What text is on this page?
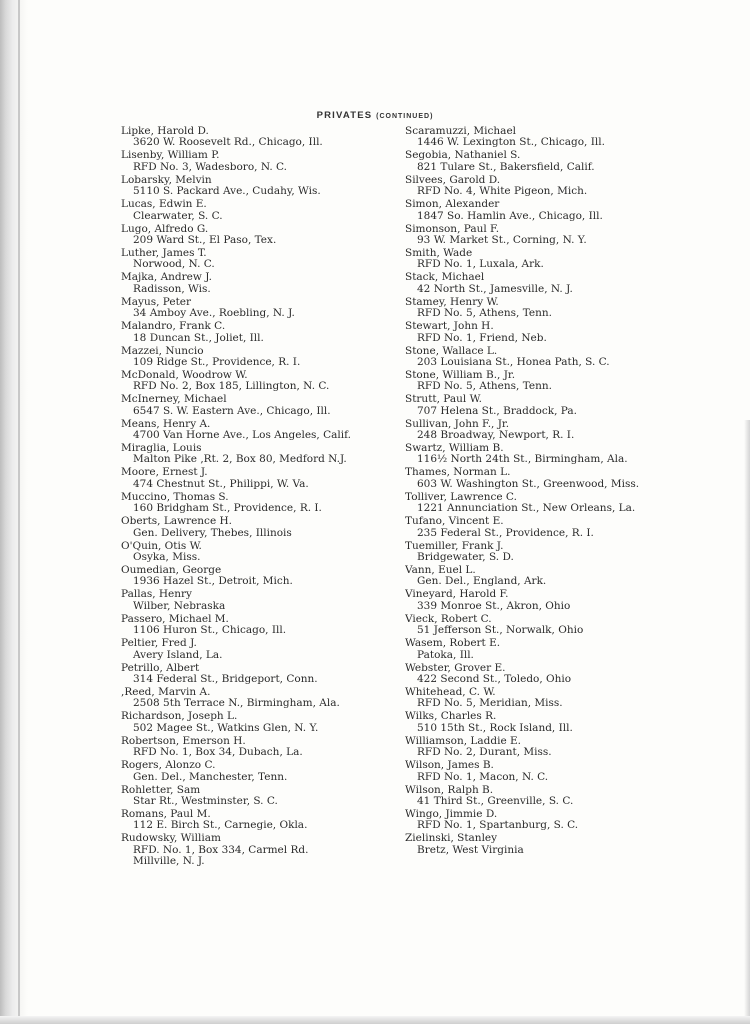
PRIVATES (CONTINUED)
Lipke, Harold D.
3620 W. Roosevelt Rd., Chicago, Ill.
Lisenby, William P.
RFD No. 3, Wadesboro, N. C.
Lobarsky, Melvin
5110 S. Packard Ave., Cudahy, Wis.
Lucas, Edwin E.
Clearwater, S. C.
Lugo, Alfredo G.
209 Ward St., El Paso, Tex.
Luther, James T.
Norwood, N. C.
Majka, Andrew J.
Radisson, Wis.
Mayus, Peter
34 Amboy Ave., Roebling, N. J.
Malandro, Frank C.
18 Duncan St., Joliet, Ill.
Mazzei, Nuncio
109 Ridge St., Providence, R. I.
McDonald, Woodrow W.
RFD No. 2, Box 185, Lillington, N. C.
McInerney, Michael
6547 S. W. Eastern Ave., Chicago, Ill.
Means, Henry A.
4700 Van Horne Ave., Los Angeles, Calif.
Miraglia, Louis
Malton Pike ,Rt. 2, Box 80, Medford N.J.
Moore, Ernest J.
474 Chestnut St., Philippi, W. Va.
Muccino, Thomas S.
160 Bridgham St., Providence, R. I.
Oberts, Lawrence H.
Gen. Delivery, Thebes, Illinois
O'Quin, Otis W.
Osyka, Miss.
Oumedian, George
1936 Hazel St., Detroit, Mich.
Pallas, Henry
Wilber, Nebraska
Passero, Michael M.
1106 Huron St., Chicago, Ill.
Peltier, Fred J.
Avery Island, La.
Petrillo, Albert
314 Federal St., Bridgeport, Conn.
,Reed, Marvin A.
2508 5th Terrace N., Birmingham, Ala.
Richardson, Joseph L.
502 Magee St., Watkins Glen, N. Y.
Robertson, Emerson H.
RFD No. 1, Box 34, Dubach, La.
Rogers, Alonzo C.
Gen. Del., Manchester, Tenn.
Rohletter, Sam
Star Rt., Westminster, S. C.
Romans, Paul M.
112 E. Birch St., Carnegie, Okla.
Rudowsky, William
RFD. No. 1, Box 334, Carmel Rd.
Millville, N. J.
Scaramuzzi, Michael
1446 W. Lexington St., Chicago, Ill.
Segobia, Nathaniel S.
821 Tulare St., Bakersfield, Calif.
Silvees, Garold D.
RFD No. 4, White Pigeon, Mich.
Simon, Alexander
1847 So. Hamlin Ave., Chicago, Ill.
Simonson, Paul F.
93 W. Market St., Corning, N. Y.
Smith, Wade
RFD No. 1, Luxala, Ark.
Stack, Michael
42 North St., Jamesville, N. J.
Stamey, Henry W.
RFD No. 5, Athens, Tenn.
Stewart, John H.
RFD No. 1, Friend, Neb.
Stone, Wallace L.
203 Louisiana St., Honea Path, S. C.
Stone, William B., Jr.
RFD No. 5, Athens, Tenn.
Strutt, Paul W.
707 Helena St., Braddock, Pa.
Sullivan, John F., Jr.
248 Broadway, Newport, R. I.
Swartz, William B.
116½ North 24th St., Birmingham, Ala.
Thames, Norman L.
603 W. Washington St., Greenwood, Miss.
Tolliver, Lawrence C.
1221 Annunciation St., New Orleans, La.
Tufano, Vincent E.
235 Federal St., Providence, R. I.
Tuemiller, Frank J.
Bridgewater, S. D.
Vann, Euel L.
Gen. Del., England, Ark.
Vineyard, Harold F.
339 Monroe St., Akron, Ohio
Vieck, Robert C.
51 Jefferson St., Norwalk, Ohio
Wasem, Robert E.
Patoka, Ill.
Webster, Grover E.
422 Second St., Toledo, Ohio
Whitehead, C. W.
RFD No. 5, Meridian, Miss.
Wilks, Charles R.
510 15th St., Rock Island, Ill.
Williamson, Laddie E.
RFD No. 2, Durant, Miss.
Wilson, James B.
RFD No. 1, Macon, N. C.
Wilson, Ralph B.
41 Third St., Greenville, S. C.
Wingo, Jimmie D.
RFD No. 1, Spartanburg, S. C.
Zielinski, Stanley
Bretz, West Virginia
